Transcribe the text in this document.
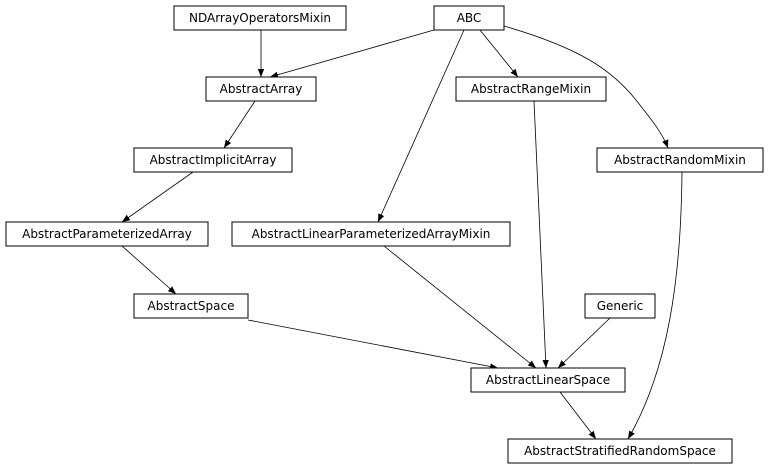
NDArrayOperatorsMixin	ABC
AbstractArray	AbstractRangeMixin
AbstractImplicitArray	AbstractRandomMixin
AbstractParameterizedArray	AbstractLinearParameterizedArrayMixin
AbstractSpace	Generic
AbstractLinearSpace
AbstractStratifiedRandomSpace
